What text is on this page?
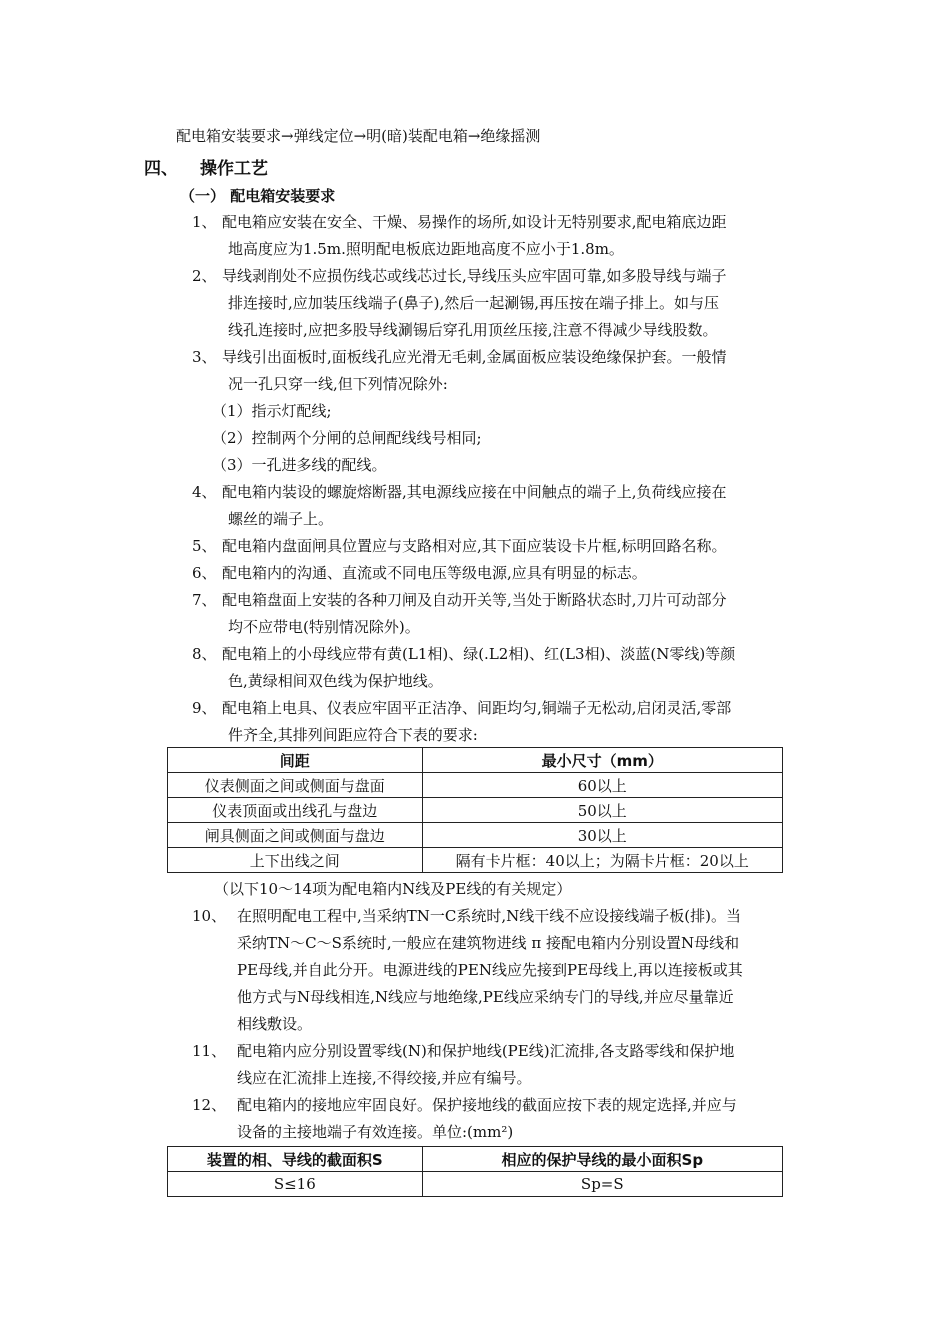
配电箱安装要求→弹线定位→明(暗)装配电箱→绝缘摇测
四、 操作工艺
（一） 配电箱安装要求
1、 配电箱应安装在安全、干燥、易操作的场所,如设计无特别要求,配电箱底边距
地高度应为1.5m.照明配电板底边距地高度不应小于1.8m。
2、 导线剥削处不应损伤线芯或线芯过长,导线压头应牢固可靠,如多股导线与端子
排连接时,应加装压线端子(鼻子),然后一起涮锡,再压按在端子排上。如与压
线孔连接时,应把多股导线涮锡后穿孔用顶丝压接,注意不得减少导线股数。
3、 导线引出面板时,面板线孔应光滑无毛刺,金属面板应装设绝缘保护套。一般情
况一孔只穿一线,但下列情况除外:
（1）指示灯配线;
（2）控制两个分闸的总闸配线线号相同;
（3）一孔进多线的配线。
4、 配电箱内装设的螺旋熔断器,其电源线应接在中间触点的端子上,负荷线应接在
螺丝的端子上。
5、 配电箱内盘面闸具位置应与支路相对应,其下面应装设卡片框,标明回路名称。
6、 配电箱内的沟通、直流或不同电压等级电源,应具有明显的标志。
7、 配电箱盘面上安装的各种刀闸及自动开关等,当处于断路状态时,刀片可动部分
均不应带电(特别情况除外)。
8、 配电箱上的小母线应带有黄(L1相)、绿(.L2相)、红(L3相)、淡蓝(N零线)等颜
色,黄绿相间双色线为保护地线。
9、 配电箱上电具、仪表应牢固平正洁净、间距均匀,铜端子无松动,启闭灵活,零部
件齐全,其排列间距应符合下表的要求:
间距	最小尺寸（mm）
仪表侧面之间或侧面与盘面	60以上
仪表顶面或出线孔与盘边	50以上
闸具侧面之间或侧面与盘边	30以上
上下出线之间	隔有卡片框：40以上；为隔卡片框：20以上
（以下10～14项为配电箱内N线及PE线的有关规定）
10、 在照明配电工程中,当采纳TN一C系统时,N线干线不应设接线端子板(排)。当
采纳TN～C～S系统时,一般应在建筑物进线 π 接配电箱内分别设置N母线和
PE母线,并自此分开。电源进线的PEN线应先接到PE母线上,再以连接板或其
他方式与N母线相连,N线应与地绝缘,PE线应采纳专门的导线,并应尽量靠近
相线敷设。
11、 配电箱内应分别设置零线(N)和保护地线(PE线)汇流排,各支路零线和保护地
线应在汇流排上连接,不得绞接,并应有编号。
12、 配电箱内的接地应牢固良好。保护接地线的截面应按下表的规定选择,并应与
设备的主接地端子有效连接。单位:(mm²)
装置的相、导线的截面积S	相应的保护导线的最小面积Sp
S≤16	Sp=S
